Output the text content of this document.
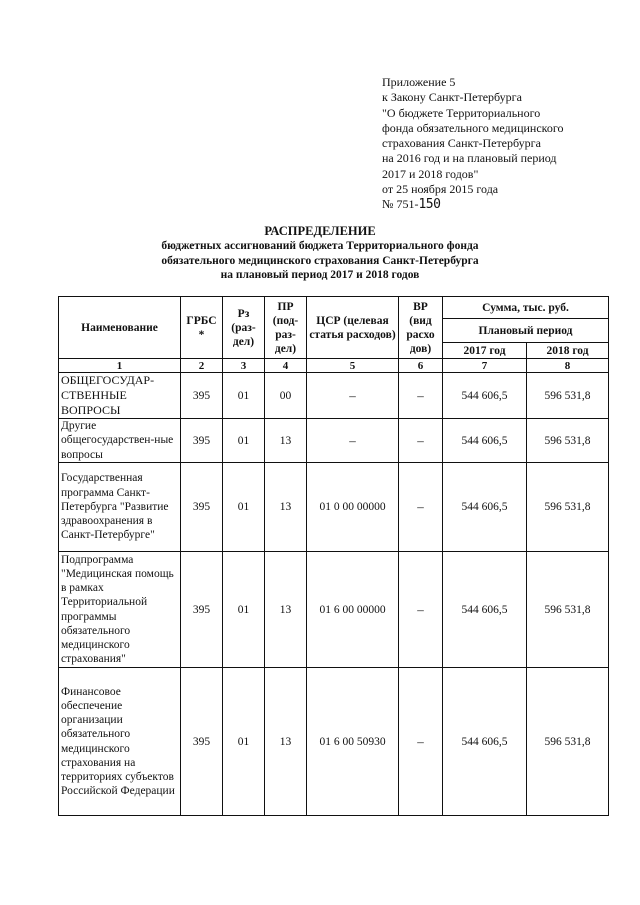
Приложение 5
к Закону Санкт-Петербурга
"О бюджете Территориального
фонда обязательного медицинского
страхования Санкт-Петербурга
на 2016 год и на плановый период
2017 и 2018 годов"
от 25 ноября 2015 года
№ 751-150
РАСПРЕДЕЛЕНИЕ
бюджетных ассигнований бюджета Территориального фонда
обязательного медицинского страхования Санкт-Петербурга
на плановый период 2017 и 2018 годов
Наименование	ГРБС *	Рз (раз-дел)	ПР (под-раз-дел)	ЦСР (целевая статья расходов)	ВР (вид расхо дов)	Сумма, тыс. руб.	
						Плановый период	
						2017 год	2018 год
1	2	3	4	5	6	7	8
ОБЩЕГОСУДАР-СТВЕННЫЕ ВОПРОСЫ	395	01	00	–	–	544 606,5	596 531,8
Другие общегосударствен-ные вопросы	395	01	13	–	–	544 606,5	596 531,8
Государственная программа Санкт-Петербурга "Развитие здравоохранения в Санкт-Петербурге"	395	01	13	01 0 00 00000	–	544 606,5	596 531,8
Подпрограмма "Медицинская помощь в рамках Территориальной программы обязательного медицинского страхования"	395	01	13	01 6 00 00000	–	544 606,5	596 531,8
Финансовое обеспечение организации обязательного медицинского страхования на территориях субъектов Российской Федерации	395	01	13	01 6 00 50930	–	544 606,5	596 531,8
